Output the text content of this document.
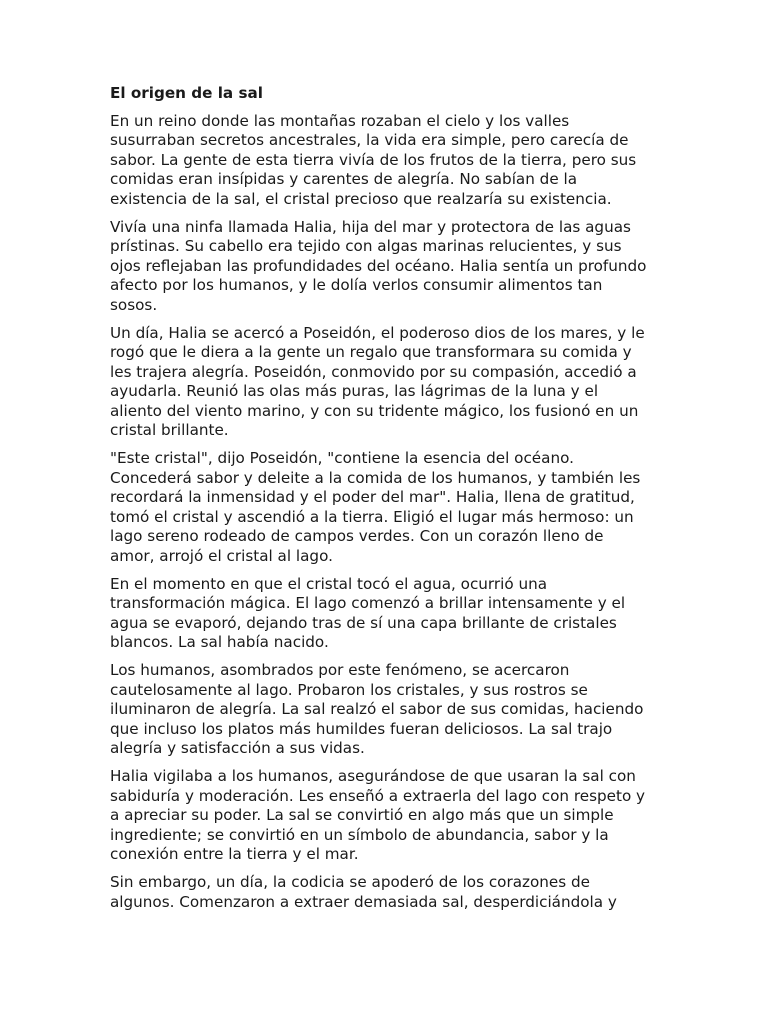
El origen de la sal

En un reino donde las montañas rozaban el cielo y los valles
susurraban secretos ancestrales, la vida era simple, pero carecía de
sabor. La gente de esta tierra vivía de los frutos de la tierra, pero sus
comidas eran insípidas y carentes de alegría. No sabían de la
existencia de la sal, el cristal precioso que realzaría su existencia.

Vivía una ninfa llamada Halia, hija del mar y protectora de las aguas
prístinas. Su cabello era tejido con algas marinas relucientes, y sus
ojos reflejaban las profundidades del océano. Halia sentía un profundo
afecto por los humanos, y le dolía verlos consumir alimentos tan
sosos.

Un día, Halia se acercó a Poseidón, el poderoso dios de los mares, y le
rogó que le diera a la gente un regalo que transformara su comida y
les trajera alegría. Poseidón, conmovido por su compasión, accedió a
ayudarla. Reunió las olas más puras, las lágrimas de la luna y el
aliento del viento marino, y con su tridente mágico, los fusionó en un
cristal brillante.

"Este cristal", dijo Poseidón, "contiene la esencia del océano.
Concederá sabor y deleite a la comida de los humanos, y también les
recordará la inmensidad y el poder del mar". Halia, llena de gratitud,
tomó el cristal y ascendió a la tierra. Eligió el lugar más hermoso: un
lago sereno rodeado de campos verdes. Con un corazón lleno de
amor, arrojó el cristal al lago.

En el momento en que el cristal tocó el agua, ocurrió una
transformación mágica. El lago comenzó a brillar intensamente y el
agua se evaporó, dejando tras de sí una capa brillante de cristales
blancos. La sal había nacido.

Los humanos, asombrados por este fenómeno, se acercaron
cautelosamente al lago. Probaron los cristales, y sus rostros se
iluminaron de alegría. La sal realzó el sabor de sus comidas, haciendo
que incluso los platos más humildes fueran deliciosos. La sal trajo
alegría y satisfacción a sus vidas.

Halia vigilaba a los humanos, asegurándose de que usaran la sal con
sabiduría y moderación. Les enseñó a extraerla del lago con respeto y
a apreciar su poder. La sal se convirtió en algo más que un simple
ingrediente; se convirtió en un símbolo de abundancia, sabor y la
conexión entre la tierra y el mar.

Sin embargo, un día, la codicia se apoderó de los corazones de
algunos. Comenzaron a extraer demasiada sal, desperdiciándola y
